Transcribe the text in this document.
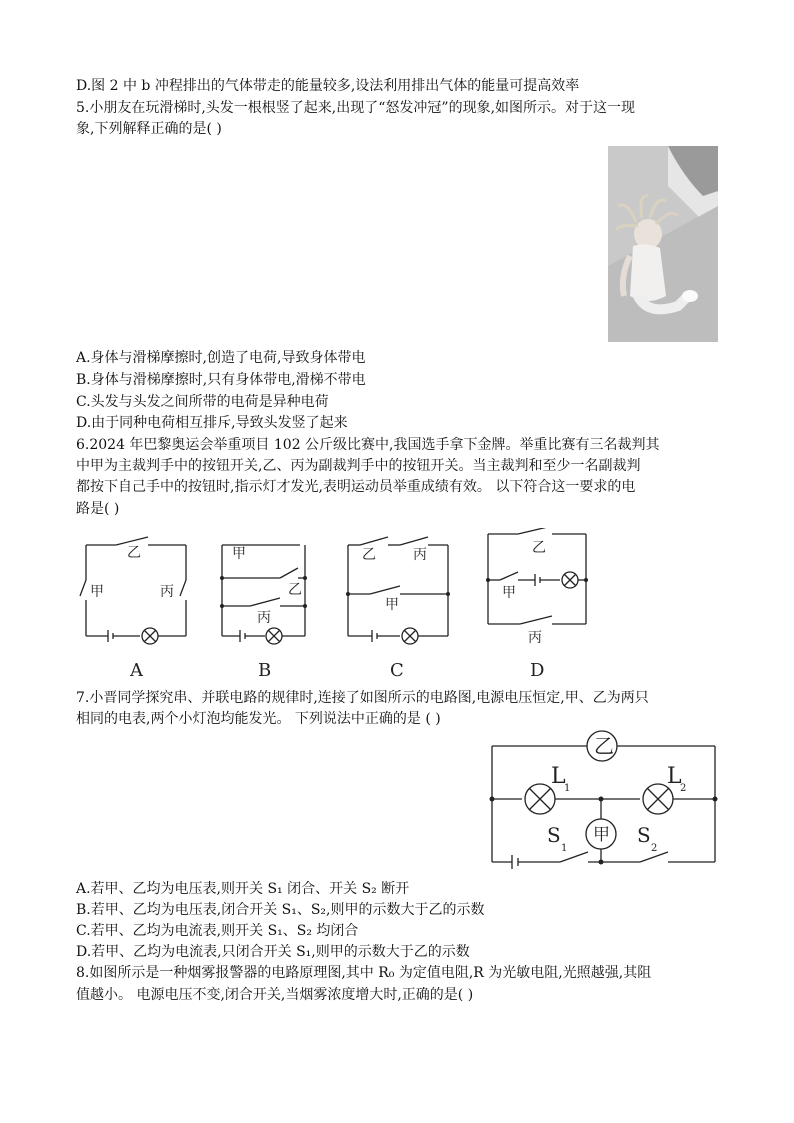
D.图 2 中 b 冲程排出的气体带走的能量较多,设法利用排出气体的能量可提高效率
5.小朋友在玩滑梯时,头发一根根竖了起来,出现了“怒发冲冠”的现象,如图所示。对于这一现
象,下列解释正确的是( )
A.身体与滑梯摩擦时,创造了电荷,导致身体带电
B.身体与滑梯摩擦时,只有身体带电,滑梯不带电
C.头发与头发之间所带的电荷是异种电荷
D.由于同种电荷相互排斥,导致头发竖了起来
6.2024 年巴黎奥运会举重项目 102 公斤级比赛中,我国选手拿下金牌。举重比赛有三名裁判其
中甲为主裁判手中的按钮开关,乙、丙为副裁判手中的按钮开关。当主裁判和至少一名副裁判
都按下自己手中的按钮时,指示灯才发光,表明运动员举重成绩有效。 以下符合这一要求的电
路是( )
乙
甲	丙
甲
乙
丙
乙	丙
甲
乙
甲
丙
A	B	C	D
7.小晋同学探究串、并联电路的规律时,连接了如图所示的电路图,电源电压恒定,甲、乙为两只
相同的电表,两个小灯泡均能发光。 下列说法中正确的是 ( )
乙
甲
L
1	L
2
S
1
S
2
A.若甲、乙均为电压表,则开关 S₁ 闭合、开关 S₂ 断开
B.若甲、乙均为电压表,闭合开关 S₁、S₂,则甲的示数大于乙的示数
C.若甲、乙均为电流表,则开关 S₁、S₂ 均闭合
D.若甲、乙均为电流表,只闭合开关 S₁,则甲的示数大于乙的示数
8.如图所示是一种烟雾报警器的电路原理图,其中 R₀ 为定值电阻,R 为光敏电阻,光照越强,其阻
值越小。 电源电压不变,闭合开关,当烟雾浓度增大时,正确的是( )
